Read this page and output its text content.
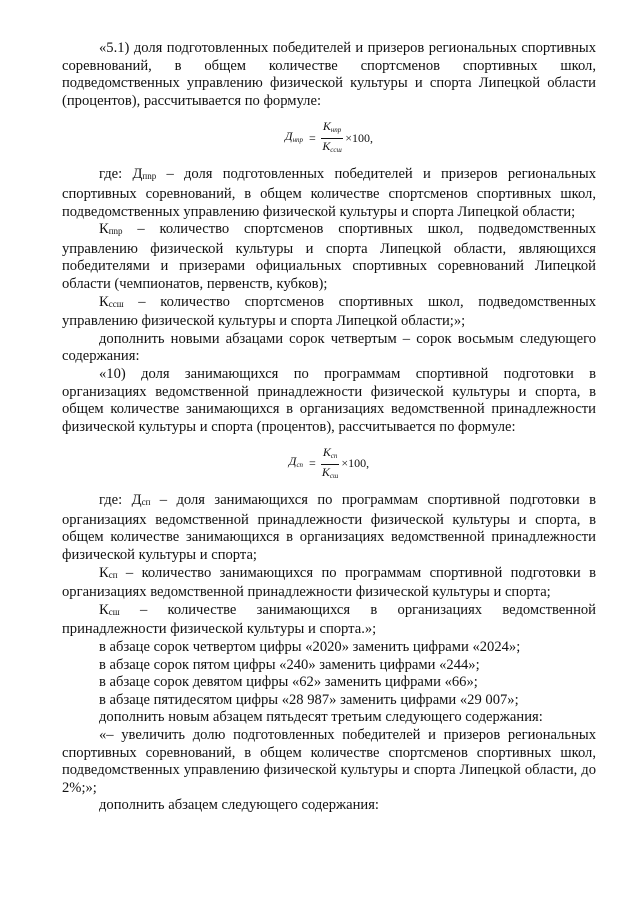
«5.1) доля подготовленных победителей и призеров региональных спортивных соревнований, в общем количестве спортсменов спортивных школ, подведомственных управлению физической культуры и спорта Липецкой области (процентов), рассчитывается по формуле:

Днпр = $\frac{\text{Кнпр}}{\text{Кссш}} \times 100$,

где: Дпnр – доля подготовленных победителей и призеров региональных спортивных соревнований, в общем количестве спортсменов спортивных школ, подведомственных управлению физической культуры и спорта Липецкой области;

Кпnр – количество спортсменов спортивных школ, подведомственных управлению физической культуры и спорта Липецкой области, являющихся победителями и призерами официальных спортивных соревнований Липецкой области (чемпионатов, первенств, кубков);

Кссш – количество спортсменов спортивных школ, подведомственных управлению физической культуры и спорта Липецкой области;»;

дополнить новыми абзацами сорок четвертым – сорок восьмым следующего содержания:

«10) доля занимающихся по программам спортивной подготовки в организациях ведомственной принадлежности физической культуры и спорта, в общем количестве занимающихся в организациях ведомственной принадлежности физической культуры и спорта (процентов), рассчитывается по формуле:

Дсп = $\frac{\text{Ксп}}{\text{Ксш}} \times 100$,

где: Дсп – доля занимающихся по программам спортивной подготовки в организациях ведомственной принадлежности физической культуры и спорта, в общем количестве занимающихся в организациях ведомственной принадлежности физической культуры и спорта;

Ксп – количество занимающихся по программам спортивной подготовки в организациях ведомственной принадлежности физической культуры и спорта;

Ксш – количестве занимающихся в организациях ведомственной принадлежности физической культуры и спорта.»;

в абзаце сорок четвертом цифры «2020» заменить цифрами «2024»;

в абзаце сорок пятом цифры «240» заменить цифрами «244»;

в абзаце сорок девятом цифры «62» заменить цифрами «66»;

в абзаце пятидесятом цифры «28 987» заменить цифрами «29 007»;

дополнить новым абзацем пятьдесят третьим следующего содержания:

«– увеличить долю подготовленных победителей и призеров региональных спортивных соревнований, в общем количестве спортсменов спортивных школ, подведомственных управлению физической культуры и спорта Липецкой области, до 2%;»;

дополнить абзацем следующего содержания:
